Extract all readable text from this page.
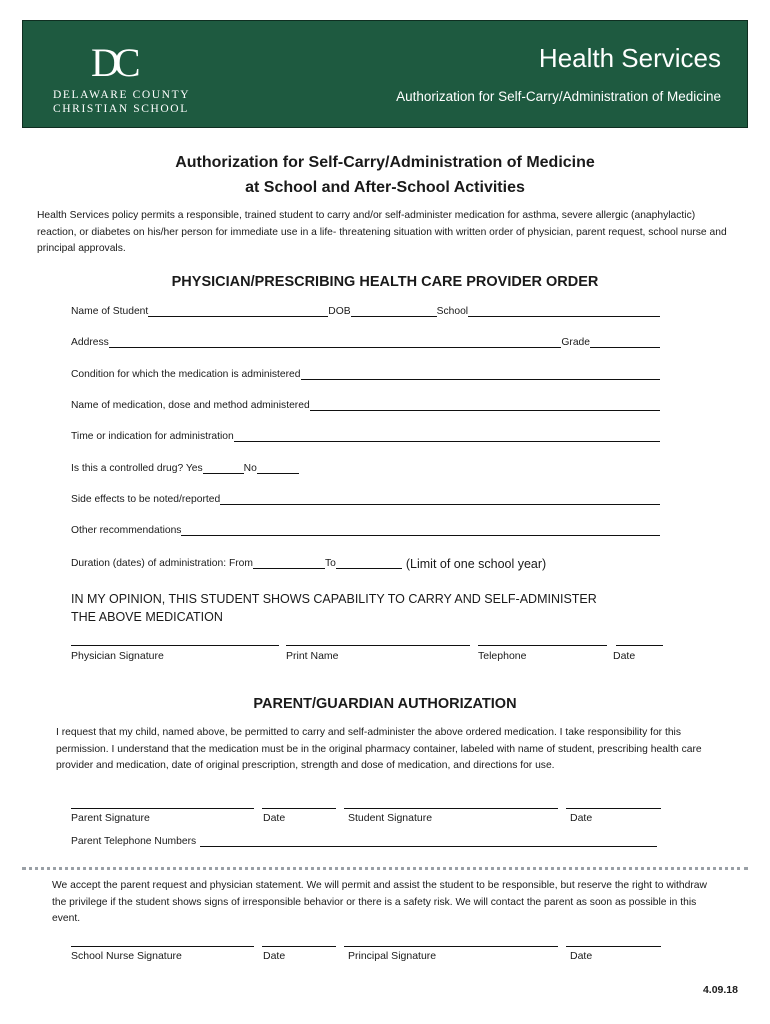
DC
DELAWARE COUNTY
CHRISTIAN SCHOOL
Health Services
Authorization for Self-Carry/Administration of Medicine
Authorization for Self-Carry/Administration of Medicine
at School and After-School Activities
Health Services policy permits a responsible, trained student to carry and/or self-administer medication for asthma, severe allergic (anaphylactic) reaction, or diabetes on his/her person for immediate use in a life- threatening situation with written order of physician, parent request, school nurse and principal approvals.
PHYSICIAN/PRESCRIBING HEALTH CARE PROVIDER ORDER
Name of Student	DOB	School
Address	Grade
Condition for which the medication is administered
Name of medication, dose and method administered
Time or indication for administration
Is this a controlled drug? Yes	No
Side effects to be noted/reported
Other recommendations
Duration (dates) of administration: From	To	(Limit of one school year)
IN MY OPINION, THIS STUDENT SHOWS CAPABILITY TO CARRY AND SELF-ADMINISTER
THE ABOVE MEDICATION
Physician Signature	Print Name	Telephone	Date
PARENT/GUARDIAN AUTHORIZATION
I request that my child, named above, be permitted to carry and self-administer the above ordered medication. I take responsibility for this permission. I understand that the medication must be in the original pharmacy container, labeled with name of student, prescribing health care provider and medication, date of original prescription, strength and dose of medication, and directions for use.
Parent Signature	Date	Student Signature	Date
Parent Telephone Numbers
We accept the parent request and physician statement. We will permit and assist the student to be responsible, but reserve the right to withdraw the privilege if the student shows signs of irresponsible behavior or there is a safety risk. We will contact the parent as soon as possible in this event.
School Nurse Signature	Date	Principal Signature	Date
4.09.18
